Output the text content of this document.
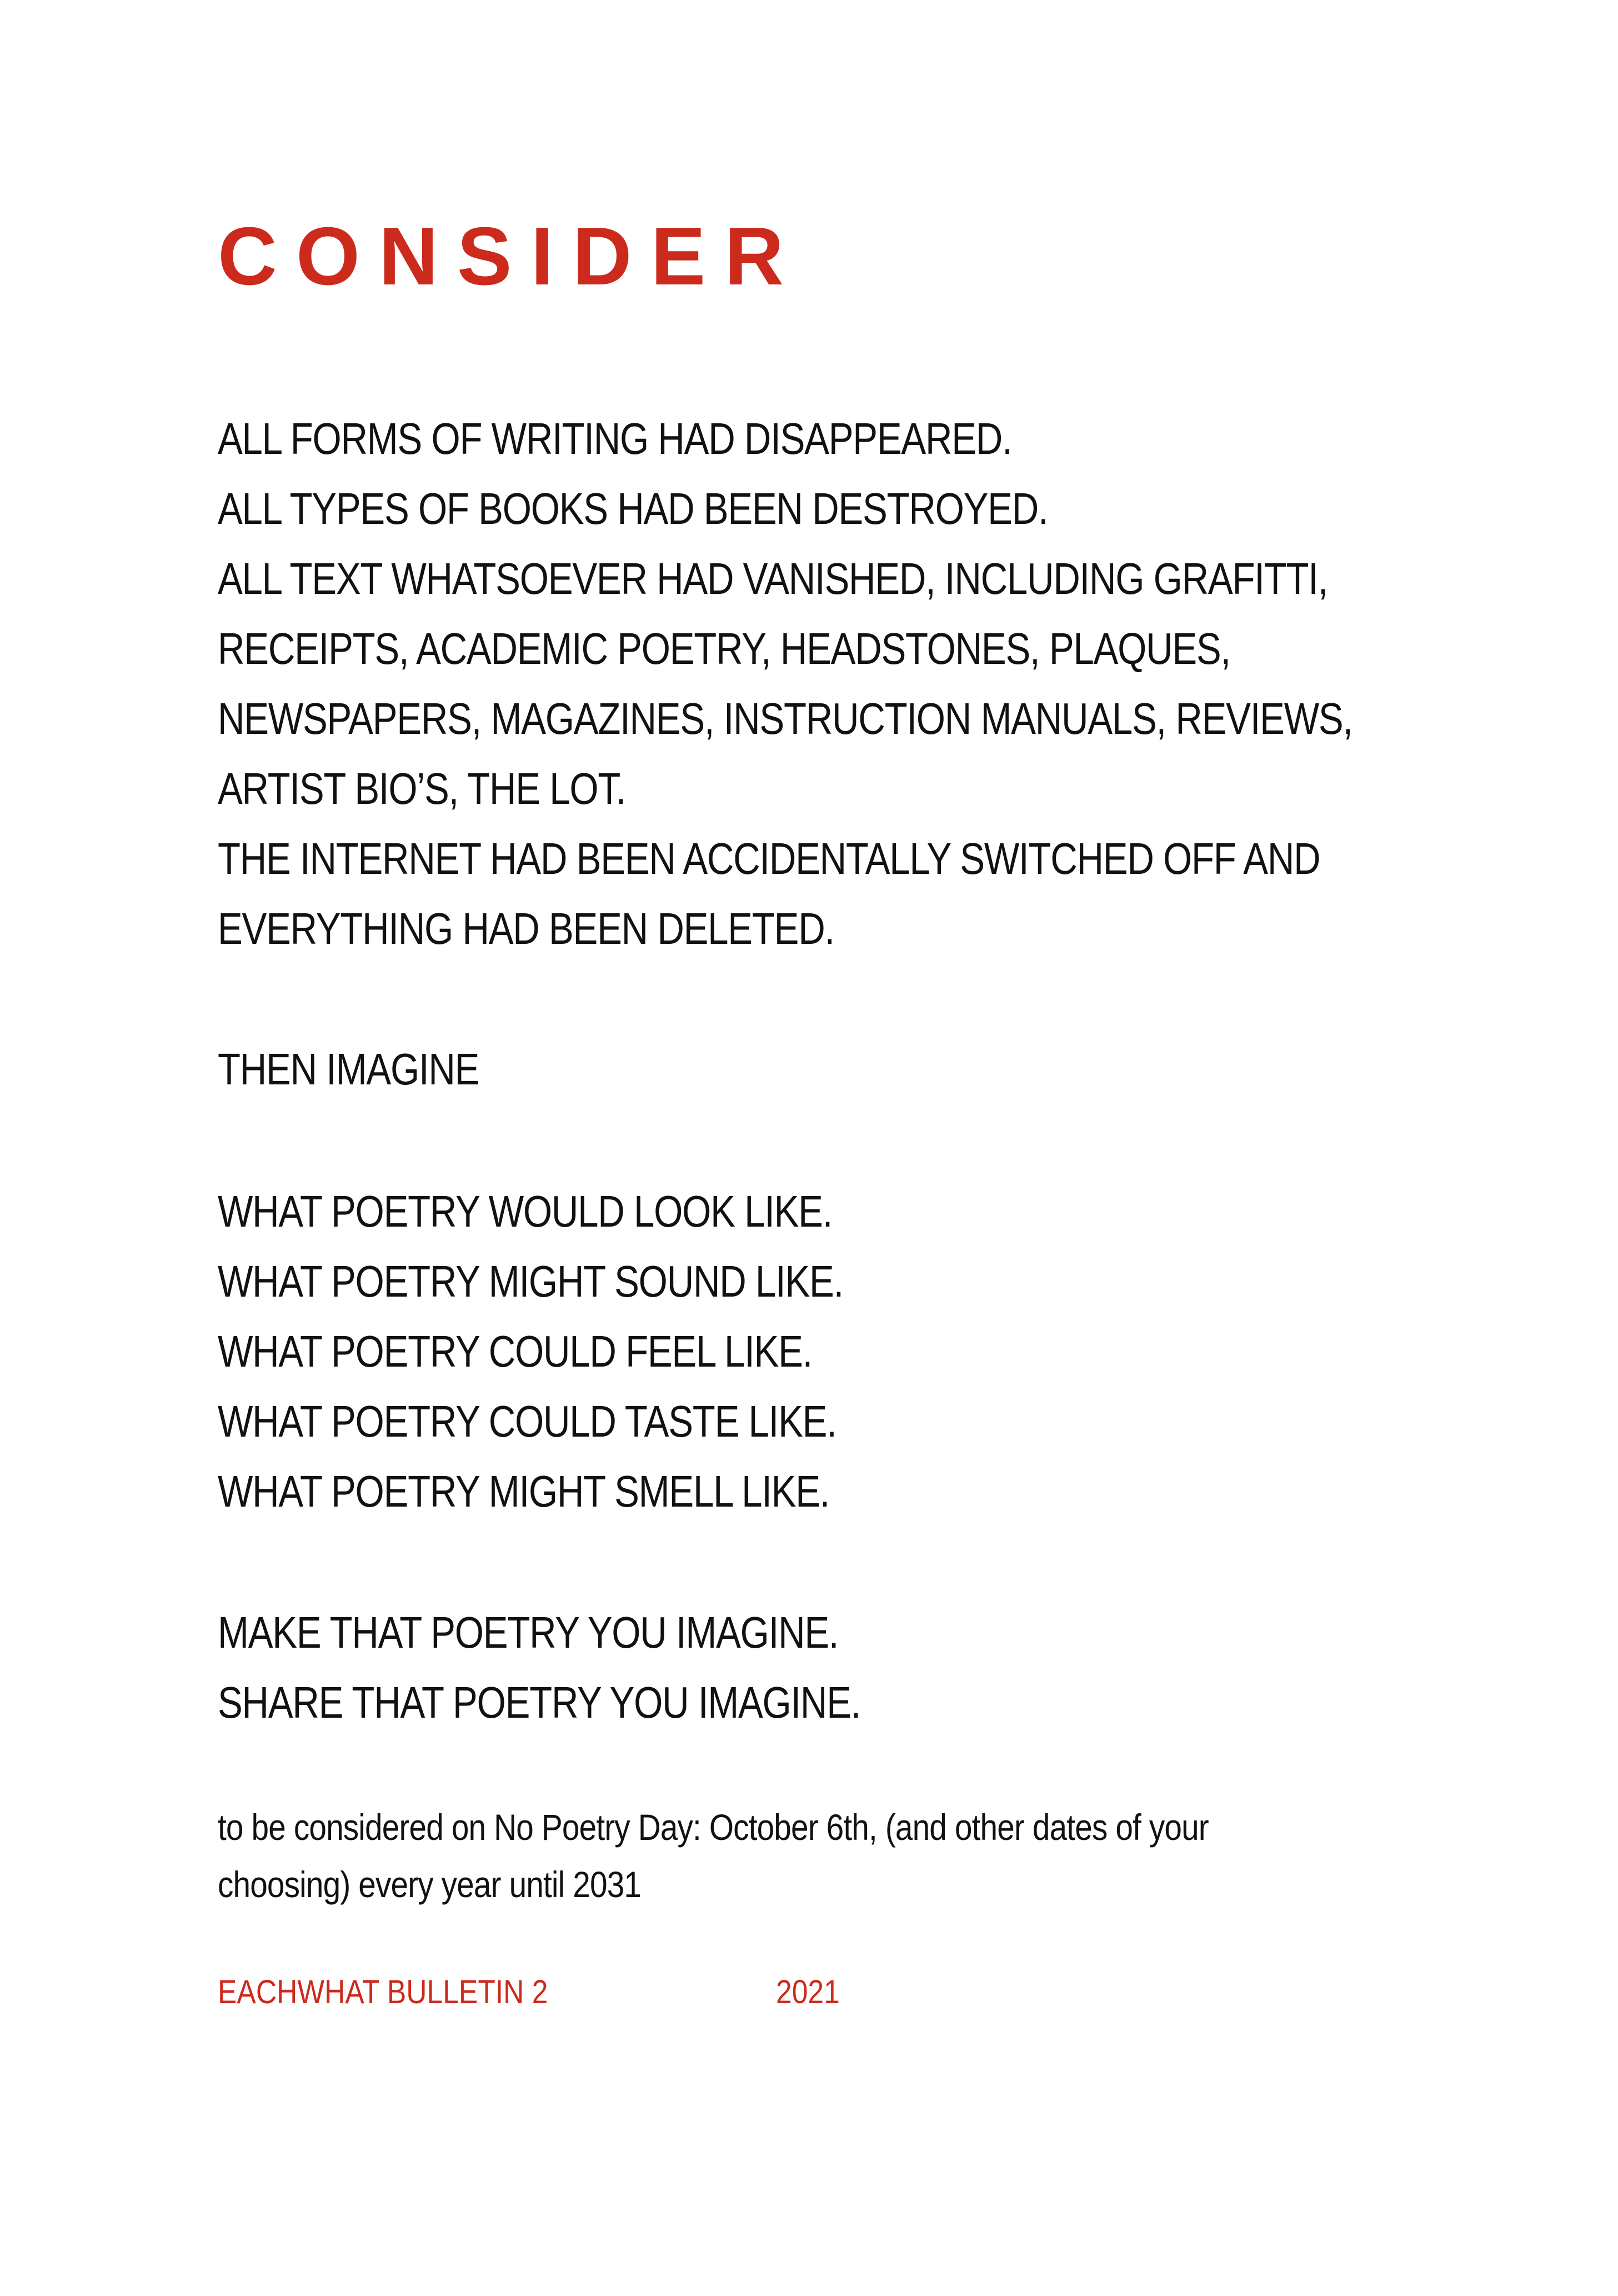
CONSIDER
ALL FORMS OF WRITING HAD DISAPPEARED.
ALL TYPES OF BOOKS HAD BEEN DESTROYED.
ALL TEXT WHATSOEVER HAD VANISHED, INCLUDING GRAFITTI,
RECEIPTS, ACADEMIC POETRY, HEADSTONES, PLAQUES,
NEWSPAPERS, MAGAZINES, INSTRUCTION MANUALS, REVIEWS,
ARTIST BIO’S, THE LOT.
THE INTERNET HAD BEEN ACCIDENTALLY SWITCHED OFF AND
EVERYTHING HAD BEEN DELETED.
THEN IMAGINE
WHAT POETRY WOULD LOOK LIKE.
WHAT POETRY MIGHT SOUND LIKE.
WHAT POETRY COULD FEEL LIKE.
WHAT POETRY COULD TASTE LIKE.
WHAT POETRY MIGHT SMELL LIKE.
MAKE THAT POETRY YOU IMAGINE.
SHARE THAT POETRY YOU IMAGINE.
to be considered on No Poetry Day: October 6th, (and other dates of your
choosing) every year until 2031
EACHWHAT BULLETIN 2	2021
